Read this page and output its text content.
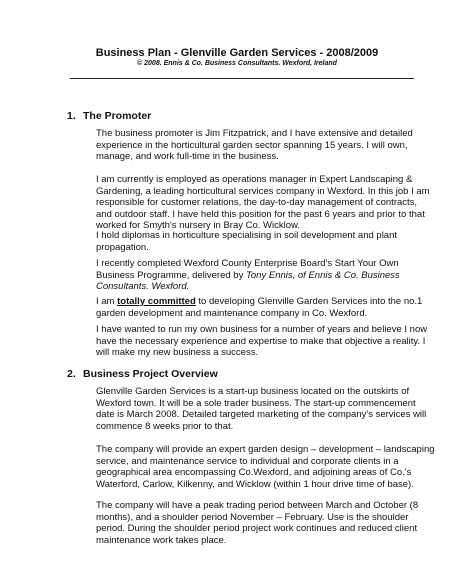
Business Plan - Glenville Garden Services - 2008/2009
© 2008. Ennis & Co. Business Consultants. Wexford, Ireland
1. The Promoter
The business promoter is Jim Fitzpatrick, and I have extensive and detailed
experience in the horticultural garden sector spanning 15 years. I will own,
manage, and work full-time in the business.
I am currently is employed as operations manager in Expert Landscaping &
Gardening, a leading horticultural services company in Wexford. In this job I am
responsible for customer relations, the day-to-day management of contracts,
and outdoor staff. I have held this position for the past 6 years and prior to that
worked for Smyth's nursery in Bray Co. Wicklow.
I hold diplomas in horticulture specialising in soil development and plant
propagation.
I recently completed Wexford County Enterprise Board's Start Your Own
Business Programme, delivered by Tony Ennis, of Ennis & Co. Business
Consultants. Wexford.
I am totally committed to developing Glenville Garden Services into the no.1
garden development and maintenance company in Co. Wexford.
I have wanted to run my own business for a number of years and believe I now
have the necessary experience and expertise to make that objective a reality. I
will make my new business a success.
2. Business Project Overview
Glenville Garden Services is a start-up business located on the outskirts of
Wexford town. It will be a sole trader business. The start-up commencement
date is March 2008. Detailed targeted marketing of the company's services will
commence 8 weeks prior to that.
The company will provide an expert garden design – development – landscaping
service, and maintenance service to individual and corporate clients in a
geographical area encompassing Co.Wexford, and adjoining areas of Co.'s
Waterford, Carlow, Kilkenny, and Wicklow (within 1 hour drive time of base).
The company will have a peak trading period between March and October (8
months), and a shoulder period November – February. Use is the shoulder
period. During the shoulder period project work continues and reduced client
maintenance work takes place.
